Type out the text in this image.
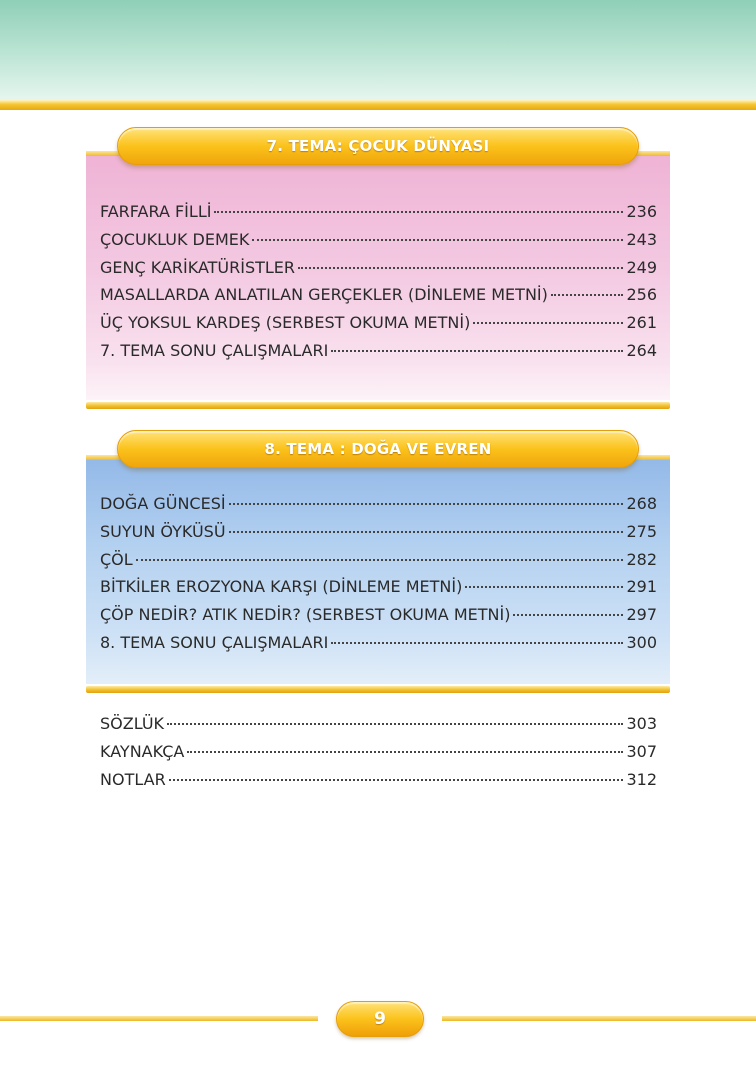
7. TEMA: ÇOCUK DÜNYASI
FARFARA FİLLİ	236
ÇOCUKLUK DEMEK	243
GENÇ KARİKATÜRİSTLER	249
MASALLARDA ANLATILAN GERÇEKLER (DİNLEME METNİ)	256
ÜÇ YOKSUL KARDEŞ (SERBEST OKUMA METNİ)	261
7. TEMA SONU ÇALIŞMALARI	264
8. TEMA : DOĞA VE EVREN
DOĞA GÜNCESİ	268
SUYUN ÖYKÜSÜ	275
ÇÖL	282
BİTKİLER EROZYONA KARŞI (DİNLEME METNİ)	291
ÇÖP NEDİR? ATIK NEDİR? (SERBEST OKUMA METNİ)	297
8. TEMA SONU ÇALIŞMALARI	300
SÖZLÜK	303
KAYNAKÇA	307
NOTLAR	312
9
